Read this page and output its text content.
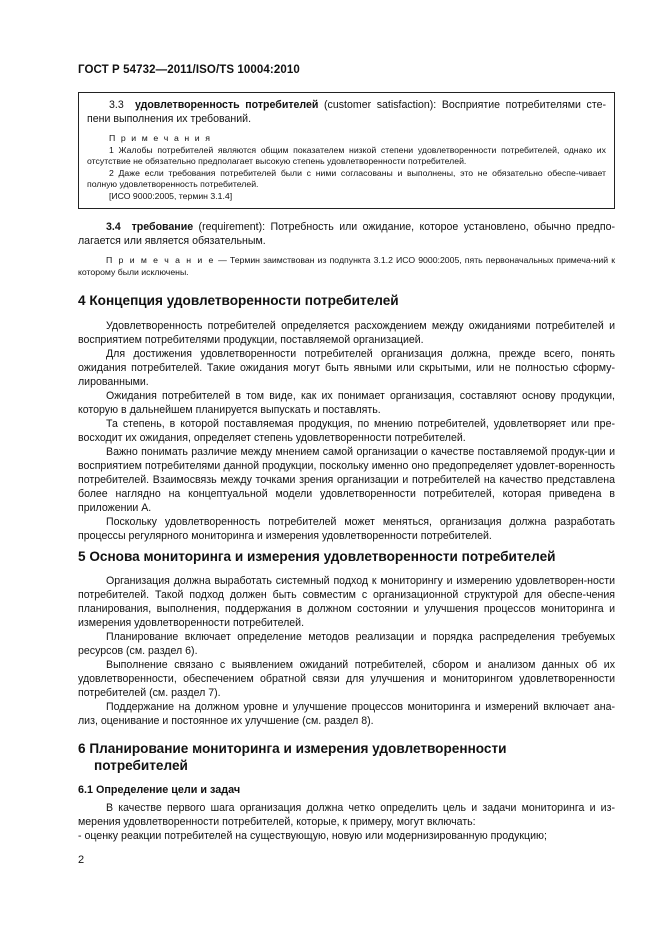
ГОСТ Р 54732—2011/ISO/TS 10004:2010

3.3 удовлетворенность потребителей (customer satisfaction): Восприятие потребителями сте-пени выполнения их требований.

П р и м е ч а н и я

1 Жалобы потребителей являются общим показателем низкой степени удовлетворенности потребителей, однако их отсутствие не обязательно предполагает высокую степень удовлетворенности потребителей.

2 Даже если требования потребителей были с ними согласованы и выполнены, это не обязательно обеспе-чивает полную удовлетворенность потребителей.

[ИСО 9000:2005, термин 3.1.4]

3.4 требование (requirement): Потребность или ожидание, которое установлено, обычно предпо-лагается или является обязательным.

П р и м е ч а н и е — Термин заимствован из подпункта 3.1.2 ИСО 9000:2005, пять первоначальных примеча-ний к которому были исключены.

4 Концепция удовлетворенности потребителей

Удовлетворенность потребителей определяется расхождением между ожиданиями потребителей и восприятием потребителями продукции, поставляемой организацией.

Для достижения удовлетворенности потребителей организация должна, прежде всего, понять ожидания потребителей. Такие ожидания могут быть явными или скрытыми, или не полностью сформу-лированными.

Ожидания потребителей в том виде, как их понимает организация, составляют основу продукции, которую в дальнейшем планируется выпускать и поставлять.

Та степень, в которой поставляемая продукция, по мнению потребителей, удовлетворяет или пре-восходит их ожидания, определяет степень удовлетворенности потребителей.

Важно понимать различие между мнением самой организации о качестве поставляемой продук-ции и восприятием потребителями данной продукции, поскольку именно оно предопределяет удовлет-воренность потребителей. Взаимосвязь между точками зрения организации и потребителей на качество представлена более наглядно на концептуальной модели удовлетворенности потребителей, которая приведена в приложении А.

Поскольку удовлетворенность потребителей может меняться, организация должна разработать процессы регулярного мониторинга и измерения удовлетворенности потребителей.

5 Основа мониторинга и измерения удовлетворенности потребителей

Организация должна выработать системный подход к мониторингу и измерению удовлетворен-ности потребителей. Такой подход должен быть совместим с организационной структурой для обеспе-чения планирования, выполнения, поддержания в должном состоянии и улучшения процессов мониторинга и измерения удовлетворенности потребителей.

Планирование включает определение методов реализации и порядка распределения требуемых ресурсов (см. раздел 6).

Выполнение связано с выявлением ожиданий потребителей, сбором и анализом данных об их удовлетворенности, обеспечением обратной связи для улучшения и мониторингом удовлетворенности потребителей (см. раздел 7).

Поддержание на должном уровне и улучшение процессов мониторинга и измерений включает ана-лиз, оценивание и постоянное их улучшение (см. раздел 8).

6 Планирование мониторинга и измерения удовлетворенности

потребителей

6.1 Определение цели и задач

В качестве первого шага организация должна четко определить цель и задачи мониторинга и из-мерения удовлетворенности потребителей, которые, к примеру, могут включать:

- оценку реакции потребителей на существующую, новую или модернизированную продукцию;

2
